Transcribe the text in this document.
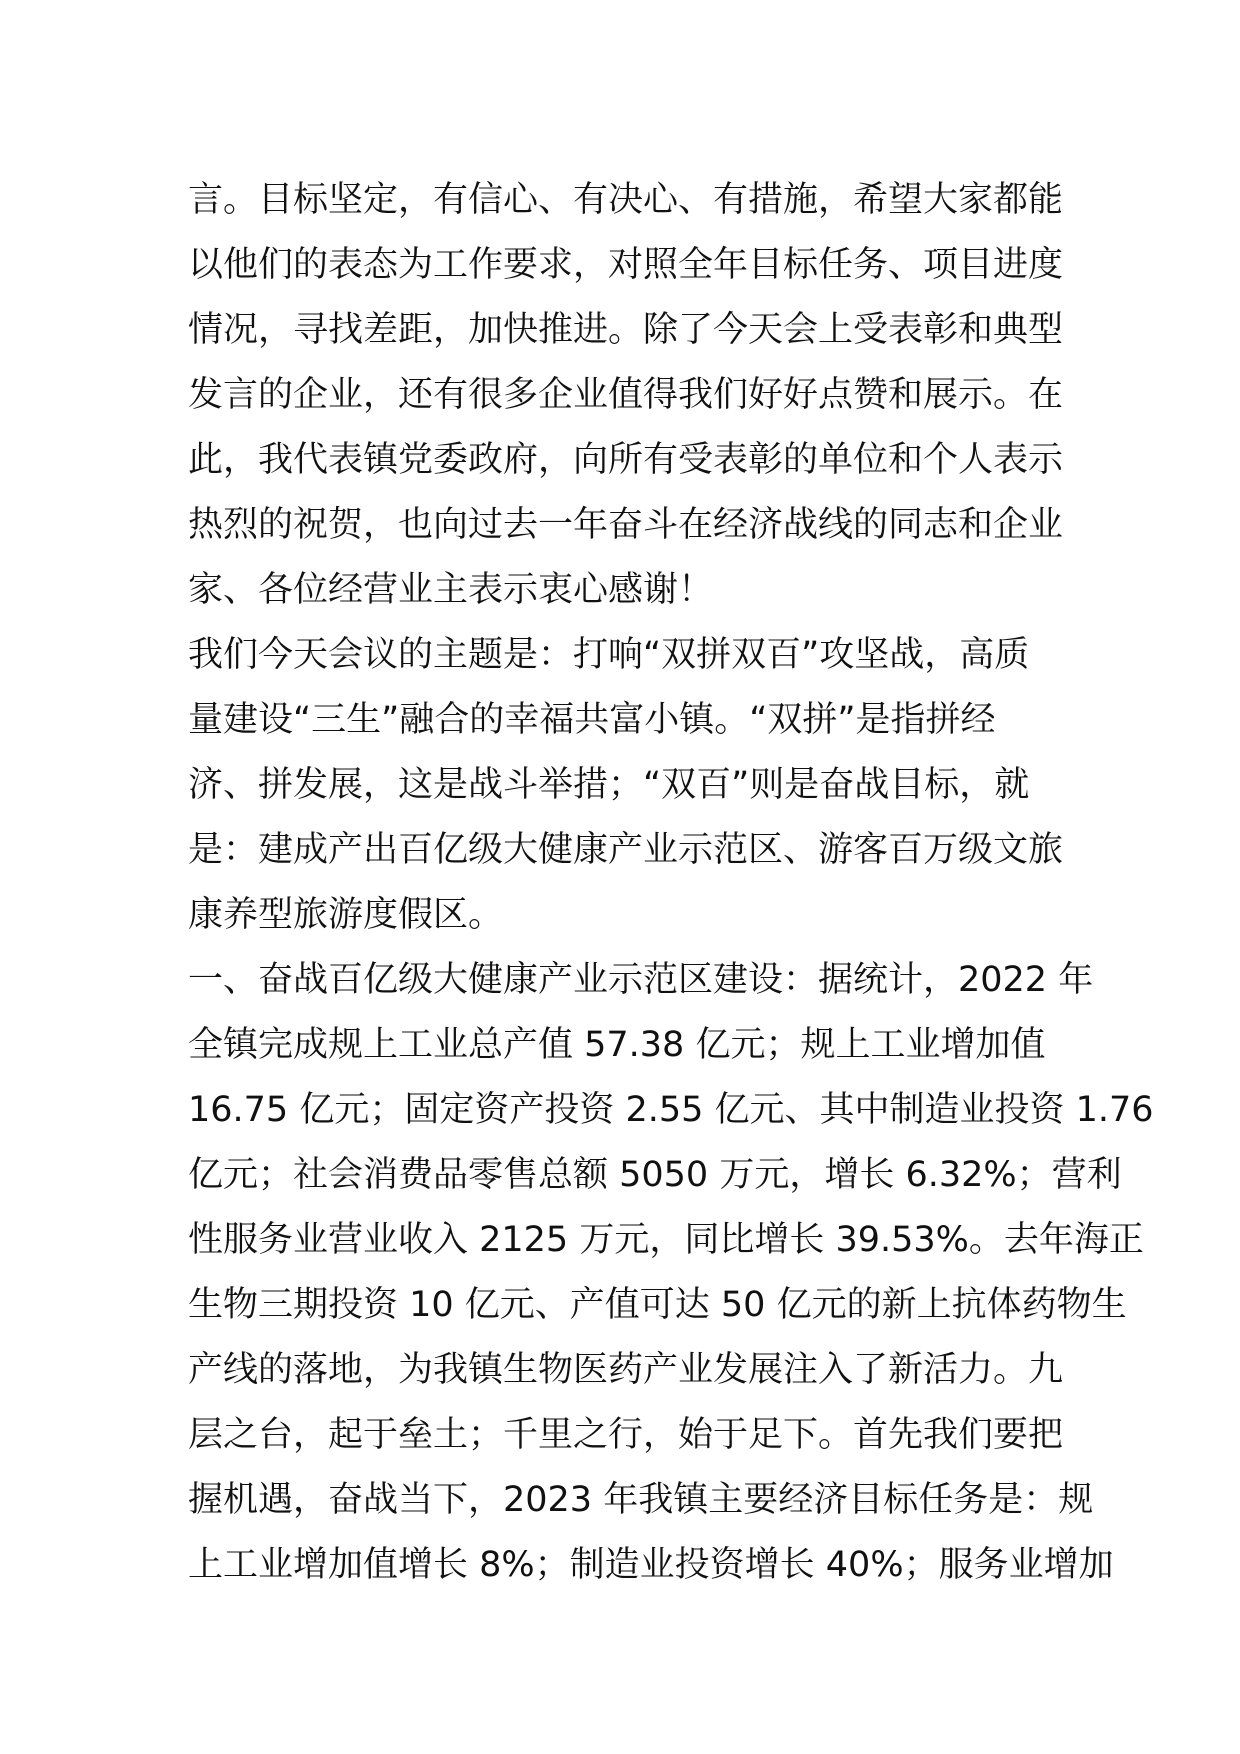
言。目标坚定，有信心、有决心、有措施，希望大家都能
以他们的表态为工作要求，对照全年目标任务、项目进度
情况，寻找差距，加快推进。除了今天会上受表彰和典型
发言的企业，还有很多企业值得我们好好点赞和展示。在
此，我代表镇党委政府，向所有受表彰的单位和个人表示
热烈的祝贺，也向过去一年奋斗在经济战线的同志和企业
家、各位经营业主表示衷心感谢！
我们今天会议的主题是：打响“双拼双百”攻坚战，高质
量建设“三生”融合的幸福共富小镇。“双拼”是指拼经
济、拼发展，这是战斗举措；“双百”则是奋战目标，就
是：建成产出百亿级大健康产业示范区、游客百万级文旅
康养型旅游度假区。
一、奋战百亿级大健康产业示范区建设：据统计，2022 年
全镇完成规上工业总产值 57.38 亿元；规上工业增加值
16.75 亿元；固定资产投资 2.55 亿元、其中制造业投资 1.76
亿元；社会消费品零售总额 5050 万元，增长 6.32%；营利
性服务业营业收入 2125 万元，同比增长 39.53%。去年海正
生物三期投资 10 亿元、产值可达 50 亿元的新上抗体药物生
产线的落地，为我镇生物医药产业发展注入了新活力。九
层之台，起于垒土；千里之行，始于足下。首先我们要把
握机遇，奋战当下，2023 年我镇主要经济目标任务是：规
上工业增加值增长 8%；制造业投资增长 40%；服务业增加
